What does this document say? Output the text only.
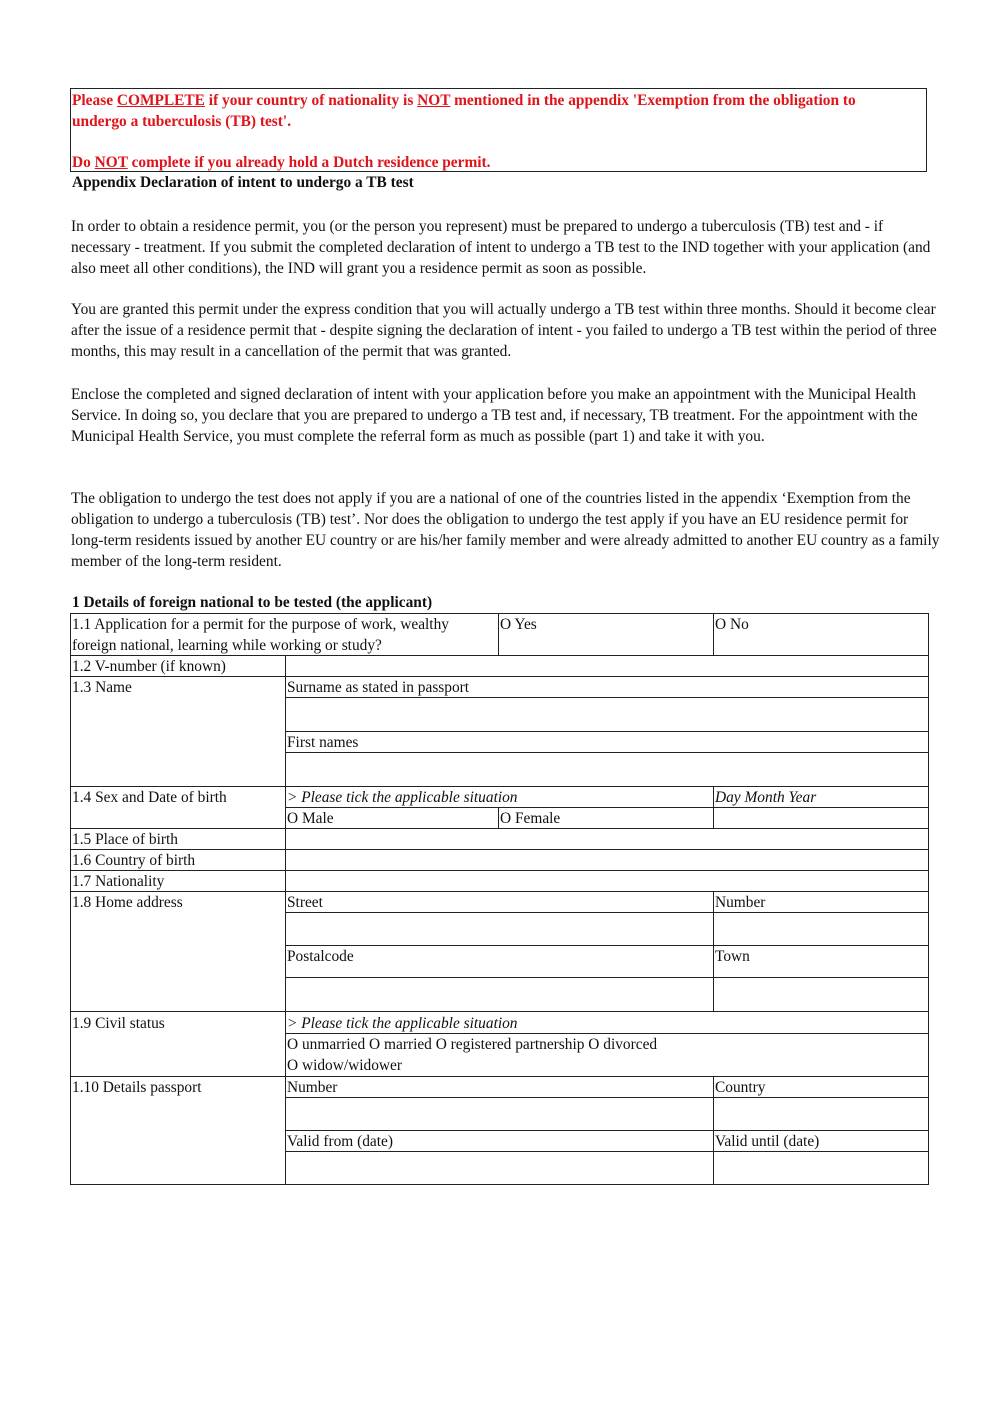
Please COMPLETE if your country of nationality is NOT mentioned in the appendix 'Exemption from the obligation to
undergo a tuberculosis (TB) test'.
Do NOT complete if you already hold a Dutch residence permit.
Appendix Declaration of intent to undergo a TB test

In order to obtain a residence permit, you (or the person you represent) must be prepared to undergo a tuberculosis (TB) test and - if necessary - treatment. If you submit the completed declaration of intent to undergo a TB test to the IND together with your application (and also meet all other conditions), the IND will grant you a residence permit as soon as possible.

You are granted this permit under the express condition that you will actually undergo a TB test within three months. Should it become clear after the issue of a residence permit that - despite signing the declaration of intent - you failed to undergo a TB test within the period of three months, this may result in a cancellation of the permit that was granted.

Enclose the completed and signed declaration of intent with your application before you make an appointment with the Municipal Health Service. In doing so, you declare that you are prepared to undergo a TB test and, if necessary, TB treatment. For the appointment with the Municipal Health Service, you must complete the referral form as much as possible (part 1) and take it with you.

The obligation to undergo the test does not apply if you are a national of one of the countries listed in the appendix ‘Exemption from the obligation to undergo a tuberculosis (TB) test’. Nor does the obligation to undergo the test apply if you have an EU residence permit for long-term residents issued by another EU country or are his/her family member and were already admitted to another EU country as a family member of the long-term resident.

1 Details of foreign national to be tested (the applicant)
1.1 Application for a permit for the purpose of work, wealthy
foreign national, learning while working or study?
O Yes	O No
1.2 V-number (if known)
1.3 Name	Surname as stated in passport
First names
1.4 Sex and Date of birth	> Please tick the applicable situation	Day Month Year
O Male	O Female
1.5 Place of birth
1.6 Country of birth
1.7 Nationality
1.8 Home address	Street	Number
Postalcode	Town
1.9 Civil status	> Please tick the applicable situation
O unmarried O married O registered partnership O divorced
O widow/widower
1.10 Details passport	Number	Country
Valid from (date)	Valid until (date)
